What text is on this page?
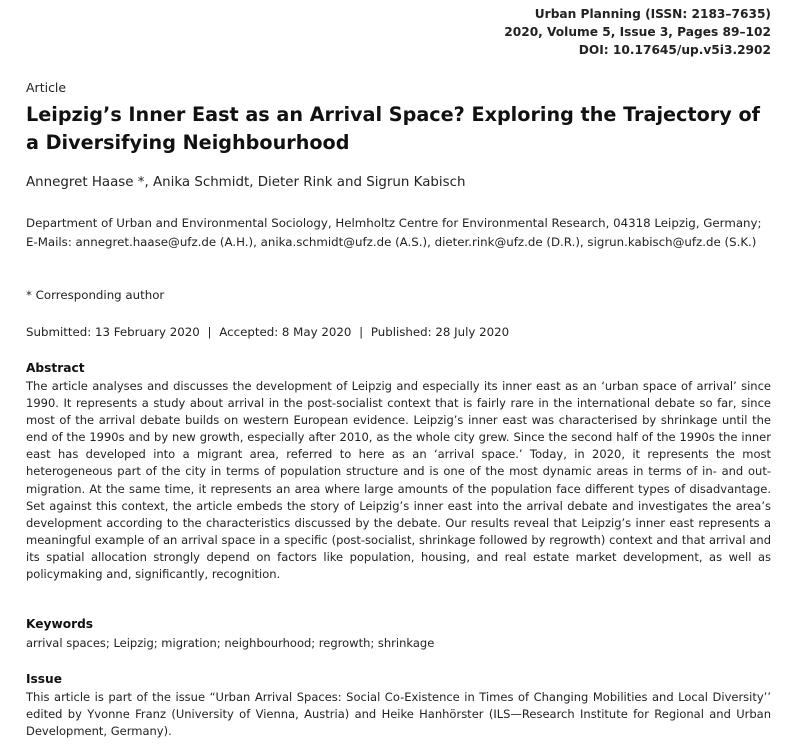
Urban Planning (ISSN: 2183–7635)
2020, Volume 5, Issue 3, Pages 89–102
DOI: 10.17645/up.v5i3.2902
Article
Leipzig’s Inner East as an Arrival Space? Exploring the Trajectory of a Diversifying Neighbourhood
Annegret Haase *, Anika Schmidt, Dieter Rink and Sigrun Kabisch
Department of Urban and Environmental Sociology, Helmholtz Centre for Environmental Research, 04318 Leipzig, Germany; E-Mails: annegret.haase@ufz.de (A.H.), anika.schmidt@ufz.de (A.S.), dieter.rink@ufz.de (D.R.), sigrun.kabisch@ufz.de (S.K.)
* Corresponding author
Submitted: 13 February 2020 | Accepted: 8 May 2020 | Published: 28 July 2020
Abstract
The article analyses and discusses the development of Leipzig and especially its inner east as an ‘urban space of arrival’ since 1990. It represents a study about arrival in the post-socialist context that is fairly rare in the international debate so far, since most of the arrival debate builds on western European evidence. Leipzig’s inner east was characterised by shrinkage until the end of the 1990s and by new growth, especially after 2010, as the whole city grew. Since the second half of the 1990s the inner east has developed into a migrant area, referred to here as an ‘arrival space.’ Today, in 2020, it represents the most heterogeneous part of the city in terms of population structure and is one of the most dynamic areas in terms of in- and out-migration. At the same time, it represents an area where large amounts of the population face different types of disadvantage. Set against this context, the article embeds the story of Leipzig’s inner east into the arrival debate and investigates the area’s development according to the characteristics discussed by the debate. Our results reveal that Leipzig’s inner east represents a meaningful example of an arrival space in a specific (post-socialist, shrinkage followed by regrowth) context and that arrival and its spatial allocation strongly depend on factors like population, housing, and real estate market development, as well as policymaking and, significantly, recognition.
Keywords
arrival spaces; Leipzig; migration; neighbourhood; regrowth; shrinkage
Issue
This article is part of the issue “Urban Arrival Spaces: Social Co-Existence in Times of Changing Mobilities and Local Diversity’’ edited by Yvonne Franz (University of Vienna, Austria) and Heike Hanhörster (ILS—Research Institute for Regional and Urban Development, Germany).
